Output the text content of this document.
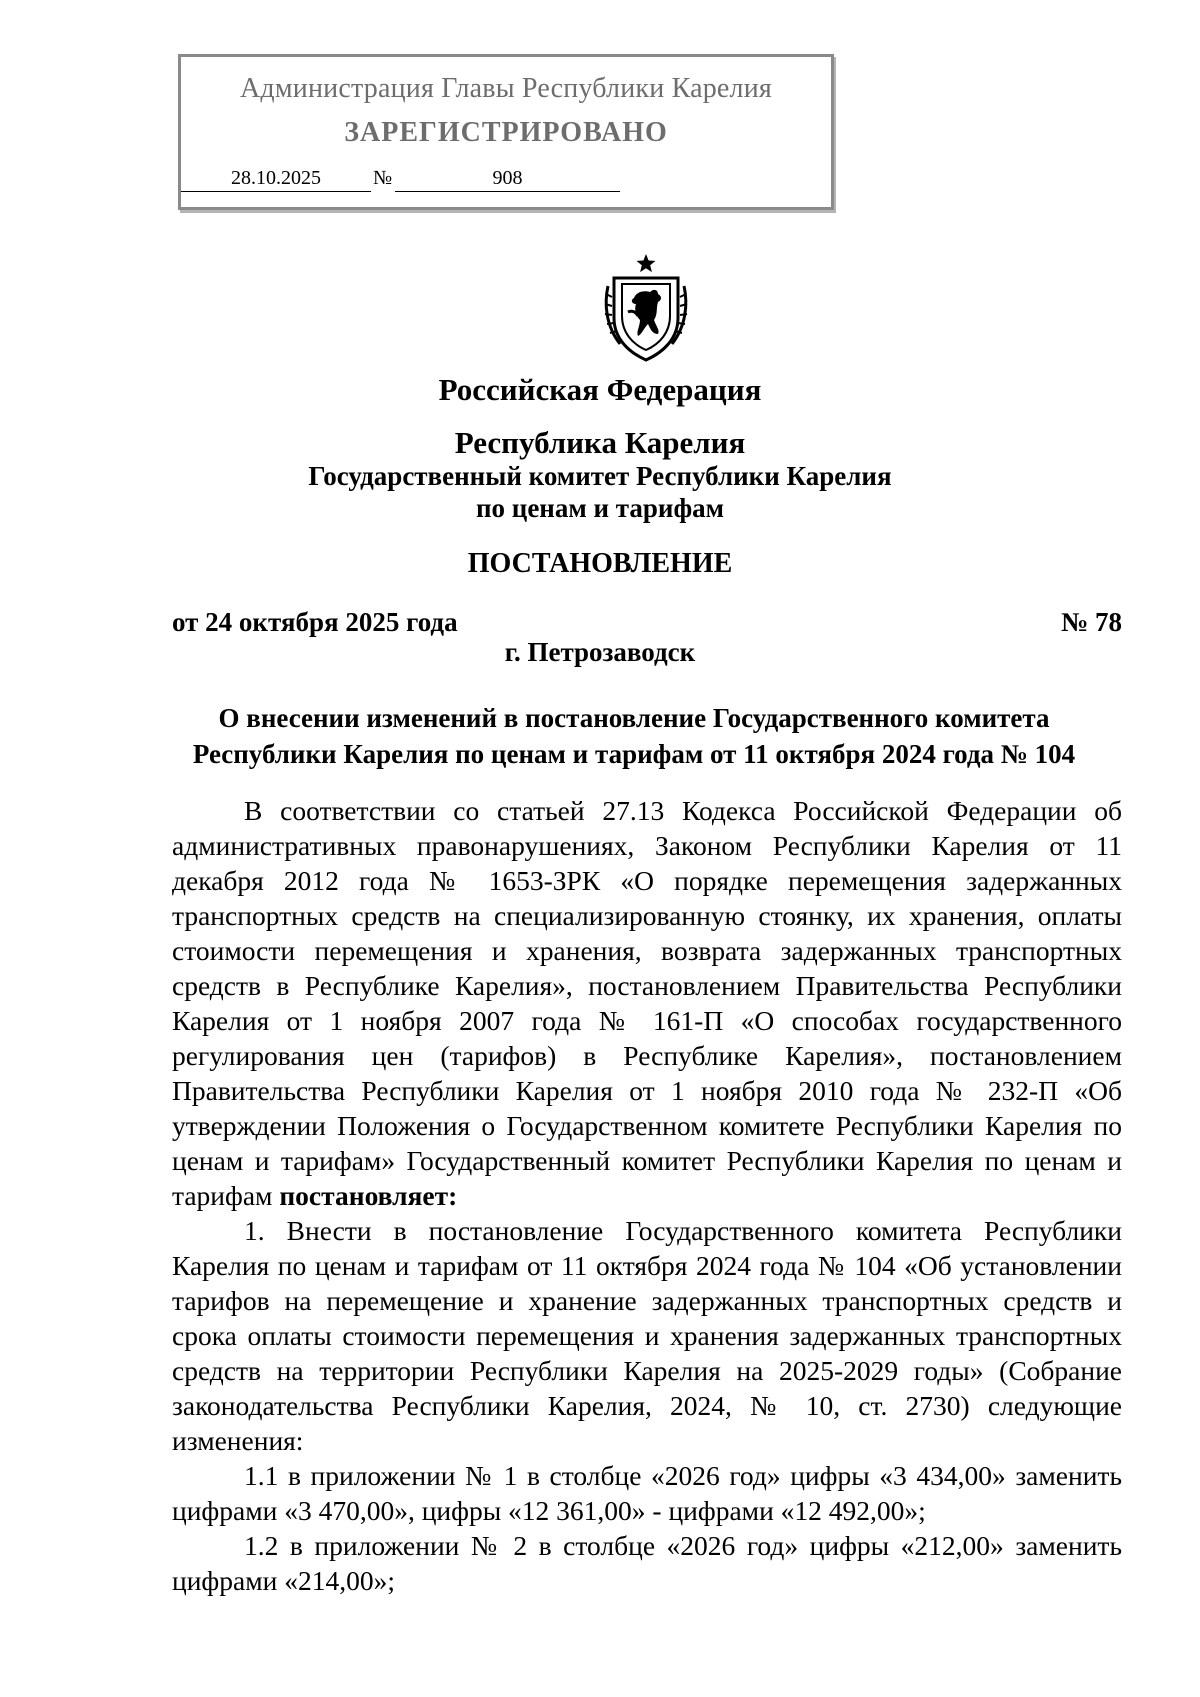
Администрация Главы Республики Карелия
ЗАРЕГИСТРИРОВАНО
28.10.2025	№	908
Российская Федерация
Республика Карелия
Государственный комитет Республики Карелия
по ценам и тарифам
ПОСТАНОВЛЕНИЕ
от 24 октября 2025 года	№ 78
г. Петрозаводск
О внесении изменений в постановление Государственного комитета
Республики Карелия по ценам и тарифам от 11 октября 2024 года № 104

В соответствии со статьей 27.13 Кодекса Российской Федерации об административных правонарушениях, Законом Республики Карелия от 11 декабря 2012 года № 1653-ЗРК «О порядке перемещения задержанных транспортных средств на специализированную стоянку, их хранения, оплаты стоимости перемещения и хранения, возврата задержанных транспортных средств в Республике Карелия», постановлением Правительства Республики Карелия от 1 ноября 2007 года № 161-П «О способах государственного регулирования цен (тарифов) в Республике Карелия», постановлением Правительства Республики Карелия от 1 ноября 2010 года № 232-П «Об утверждении Положения о Государственном комитете Республики Карелия по ценам и тарифам» Государственный комитет Республики Карелия по ценам и тарифам постановляет:

1. Внести в постановление Государственного комитета Республики Карелия по ценам и тарифам от 11 октября 2024 года № 104 «Об установлении тарифов на перемещение и хранение задержанных транспортных средств и срока оплаты стоимости перемещения и хранения задержанных транспортных средств на территории Республики Карелия на 2025-2029 годы» (Собрание законодательства Республики Карелия, 2024, № 10, ст. 2730) следующие изменения:

1.1 в приложении № 1 в столбце «2026 год» цифры «3 434,00» заменить цифрами «3 470,00», цифры «12 361,00» - цифрами «12 492,00»;

1.2 в приложении № 2 в столбце «2026 год» цифры «212,00» заменить цифрами «214,00»;
